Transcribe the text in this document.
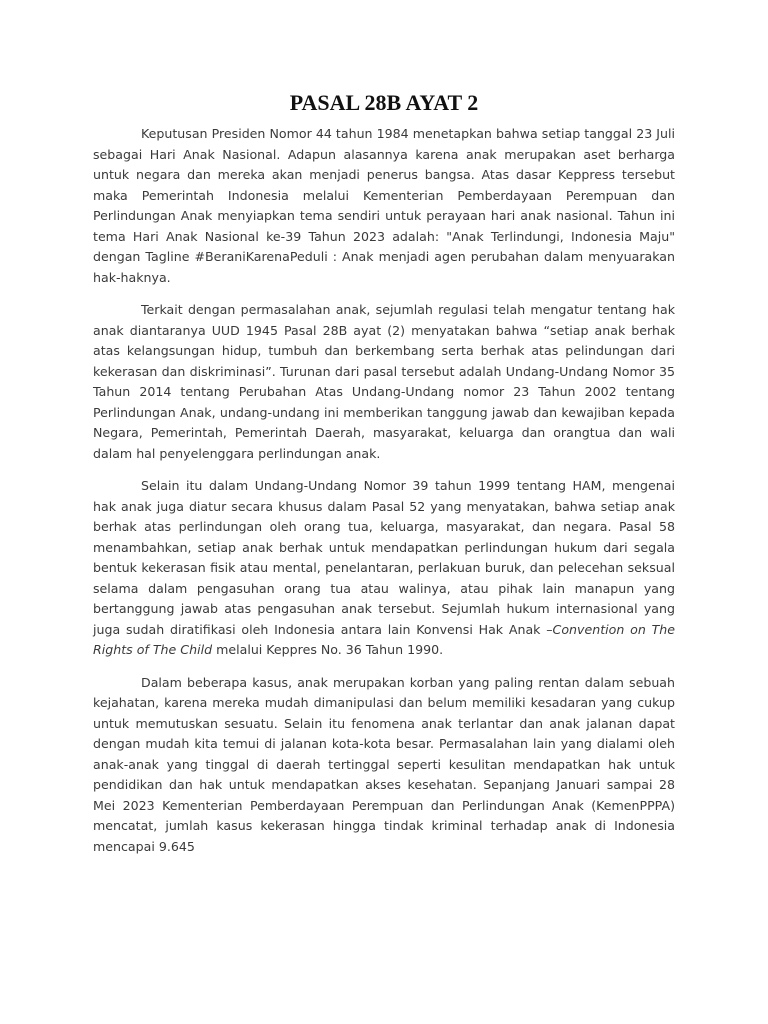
PASAL 28B AYAT 2

Keputusan Presiden Nomor 44 tahun 1984 menetapkan bahwa setiap tanggal 23 Juli sebagai Hari Anak Nasional. Adapun alasannya karena anak merupakan aset berharga untuk negara dan mereka akan menjadi penerus bangsa. Atas dasar Keppress tersebut maka Pemerintah Indonesia melalui Kementerian Pemberdayaan Perempuan dan Perlindungan Anak menyiapkan tema sendiri untuk perayaan hari anak nasional. Tahun ini tema Hari Anak Nasional ke-39 Tahun 2023 adalah: "Anak Terlindungi, Indonesia Maju" dengan Tagline #BeraniKarenaPeduli : Anak menjadi agen perubahan dalam menyuarakan hak-haknya.

Terkait dengan permasalahan anak, sejumlah regulasi telah mengatur tentang hak anak diantaranya UUD 1945 Pasal 28B ayat (2) menyatakan bahwa “setiap anak berhak atas kelangsungan hidup, tumbuh dan berkembang serta berhak atas pelindungan dari kekerasan dan diskriminasi”. Turunan dari pasal tersebut adalah Undang-Undang Nomor 35 Tahun 2014 tentang Perubahan Atas Undang-Undang nomor 23 Tahun 2002 tentang Perlindungan Anak, undang-undang ini memberikan tanggung jawab dan kewajiban kepada Negara, Pemerintah, Pemerintah Daerah, masyarakat, keluarga dan orangtua dan wali dalam hal penyelenggara perlindungan anak.

Selain itu dalam Undang-Undang Nomor 39 tahun 1999 tentang HAM, mengenai hak anak juga diatur secara khusus dalam Pasal 52 yang menyatakan, bahwa setiap anak berhak atas perlindungan oleh orang tua, keluarga, masyarakat, dan negara. Pasal 58 menambahkan, setiap anak berhak untuk mendapatkan perlindungan hukum dari segala bentuk kekerasan fisik atau mental, penelantaran, perlakuan buruk, dan pelecehan seksual selama dalam pengasuhan orang tua atau walinya, atau pihak lain manapun yang bertanggung jawab atas pengasuhan anak tersebut. Sejumlah hukum internasional yang juga sudah diratifikasi oleh Indonesia antara lain Konvensi Hak Anak –Convention on The Rights of The Child melalui Keppres No. 36 Tahun 1990.

Dalam beberapa kasus, anak merupakan korban yang paling rentan dalam sebuah kejahatan, karena mereka mudah dimanipulasi dan belum memiliki kesadaran yang cukup untuk memutuskan sesuatu. Selain itu fenomena anak terlantar dan anak jalanan dapat dengan mudah kita temui di jalanan kota-kota besar. Permasalahan lain yang dialami oleh anak-anak yang tinggal di daerah tertinggal seperti kesulitan mendapatkan hak untuk pendidikan dan hak untuk mendapatkan akses kesehatan. Sepanjang Januari sampai 28 Mei 2023 Kementerian Pemberdayaan Perempuan dan Perlindungan Anak (KemenPPPA) mencatat, jumlah kasus kekerasan hingga tindak kriminal terhadap anak di Indonesia mencapai 9.645
